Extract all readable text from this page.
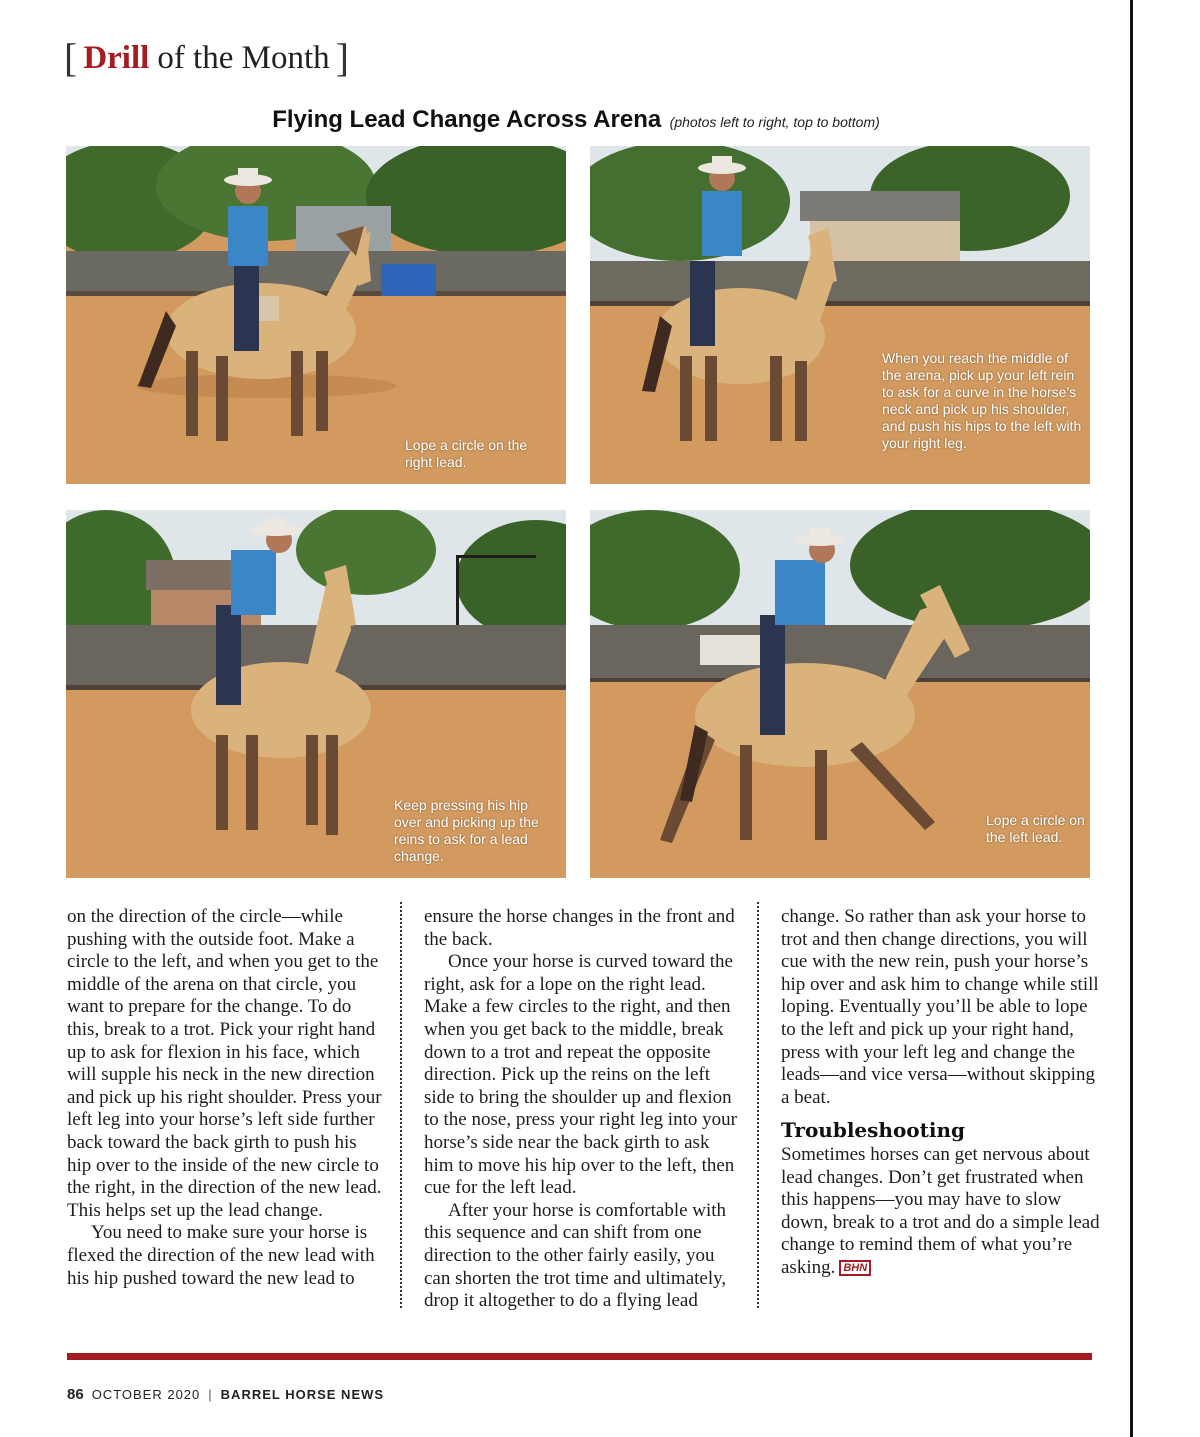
[ Drill of the Month ]
Flying Lead Change Across Arena (photos left to right, top to bottom)
Lope a circle on the right lead.
When you reach the middle of the arena, pick up your left rein to ask for a curve in the horse’s neck and pick up his shoulder, and push his hips to the left with your right leg.
Keep pressing his hip over and picking up the reins to ask for a lead change.
Lope a circle on the left lead.

on the direction of the circle—while pushing with the outside foot. Make a circle to the left, and when you get to the middle of the arena on that circle, you want to prepare for the change. To do this, break to a trot. Pick your right hand up to ask for flexion in his face, which will supple his neck in the new direction and pick up his right shoulder. Press your left leg into your horse’s left side further back toward the back girth to push his hip over to the inside of the new circle to the right, in the direction of the new lead. This helps set up the lead change.

You need to make sure your horse is flexed the direction of the new lead with his hip pushed toward the new lead to

ensure the horse changes in the front and the back.

Once your horse is curved toward the right, ask for a lope on the right lead. Make a few circles to the right, and then when you get back to the middle, break down to a trot and repeat the opposite direction. Pick up the reins on the left side to bring the shoulder up and flexion to the nose, press your right leg into your horse’s side near the back girth to ask him to move his hip over to the left, then cue for the left lead.

After your horse is comfortable with this sequence and can shift from one direction to the other fairly easily, you can shorten the trot time and ultimately, drop it altogether to do a flying lead

change. So rather than ask your horse to trot and then change directions, you will cue with the new rein, push your horse’s hip over and ask him to change while still loping. Eventually you’ll be able to lope to the left and pick up your right hand, press with your left leg and change the leads—and vice versa—without skipping a beat.

Troubleshooting

Sometimes horses can get nervous about lead changes. Don’t get frustrated when this happens—you may have to slow down, break to a trot and do a simple lead change to remind them of what you’re asking. BHN

86 OCTOBER 2020 | BARREL HORSE NEWS
